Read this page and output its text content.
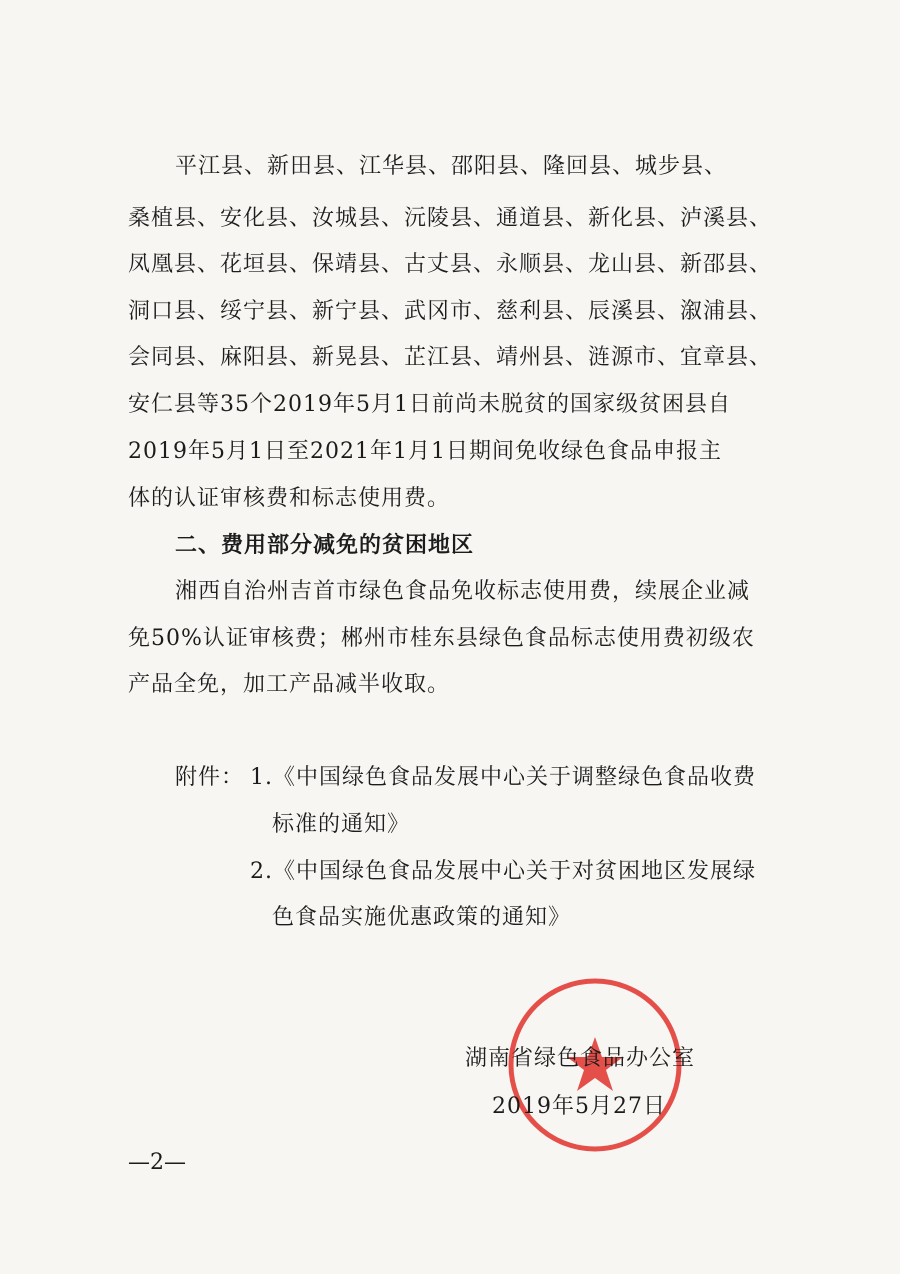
平江县、新田县、江华县、邵阳县、隆回县、城步县、
桑植县、安化县、汝城县、沅陵县、通道县、新化县、泸溪县、
凤凰县、花垣县、保靖县、古丈县、永顺县、龙山县、新邵县、
洞口县、绥宁县、新宁县、武冈市、慈利县、辰溪县、溆浦县、
会同县、麻阳县、新晃县、芷江县、靖州县、涟源市、宜章县、
安仁县等35个2019年5月1日前尚未脱贫的国家级贫困县自
2019年5月1日至2021年1月1日期间免收绿色食品申报主
体的认证审核费和标志使用费。
二、费用部分减免的贫困地区
湘西自治州吉首市绿色食品免收标志使用费，续展企业减
免50%认证审核费；郴州市桂东县绿色食品标志使用费初级农
产品全免，加工产品减半收取。
附件： 1.《中国绿色食品发展中心关于调整绿色食品收费
标准的通知》
2.《中国绿色食品发展中心关于对贫困地区发展绿
色食品实施优惠政策的通知》
湖南省绿色食品办公室
2019年5月27日
—2—
